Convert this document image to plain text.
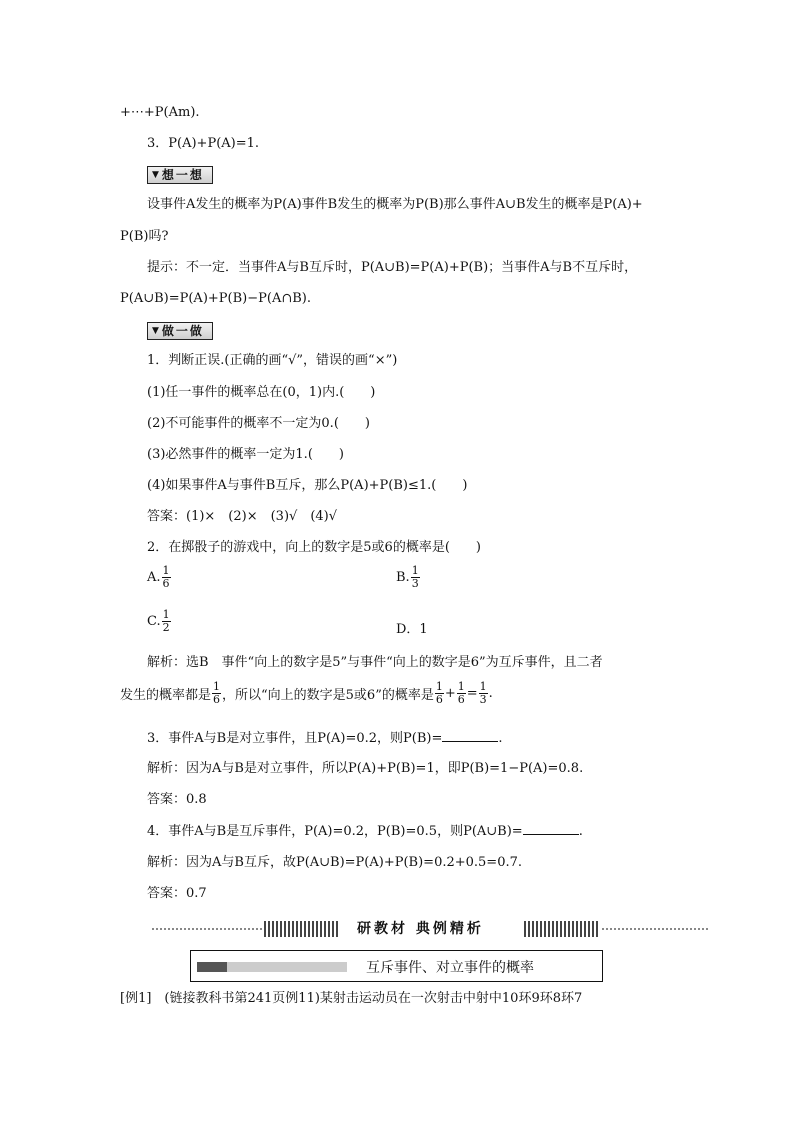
+⋯+P(Am).
3．P(A)+P(A)=1.
▼ 想一想
设事件A发生的概率为P(A)事件B发生的概率为P(B)那么事件A∪B发生的概率是P(A)+
P(B)吗?
提示：不一定．当事件A与B互斥时，P(A∪B)=P(A)+P(B)；当事件A与B不互斥时，
P(A∪B)=P(A)+P(B)−P(A∩B).
▼ 做一做
1．判断正误.(正确的画“√”，错误的画“×”)
(1)任一事件的概率总在(0，1)内.(　　)
(2)不可能事件的概率不一定为0.(　　)
(3)必然事件的概率一定为1.(　　)
(4)如果事件A与事件B互斥，那么P(A)+P(B)≤1.(　　)
答案：(1)×　(2)×　(3)√　(4)√
2．在掷骰子的游戏中，向上的数字是5或6的概率是(　　)
A. $\frac{1}{6}$	B. $\frac{1}{3}$
C. $\frac{1}{2}$	D．1
解析：选B　事件“向上的数字是5”与事件“向上的数字是6”为互斥事件，且二者
发生的概率都是 $\frac{1}{6}$ ，所以“向上的数字是5或6”的概率是 $\frac{1}{6} + \frac{1}{6} = \frac{1}{3}$ .
3．事件A与B是对立事件，且P(A)=0.2，则P(B)=	.
解析：因为A与B是对立事件，所以P(A)+P(B)=1，即P(B)=1−P(A)=0.8.
答案：0.8
4．事件A与B是互斥事件，P(A)=0.2，P(B)=0.5，则P(A∪B)=	.
解析：因为A与B互斥，故P(A∪B)=P(A)+P(B)=0.2+0.5=0.7.
答案：0.7
研教材 典例精析
互斥事件、对立事件的概率
[例1]　(链接教科书第241页例11)某射击运动员在一次射击中射中10环9环8环7
